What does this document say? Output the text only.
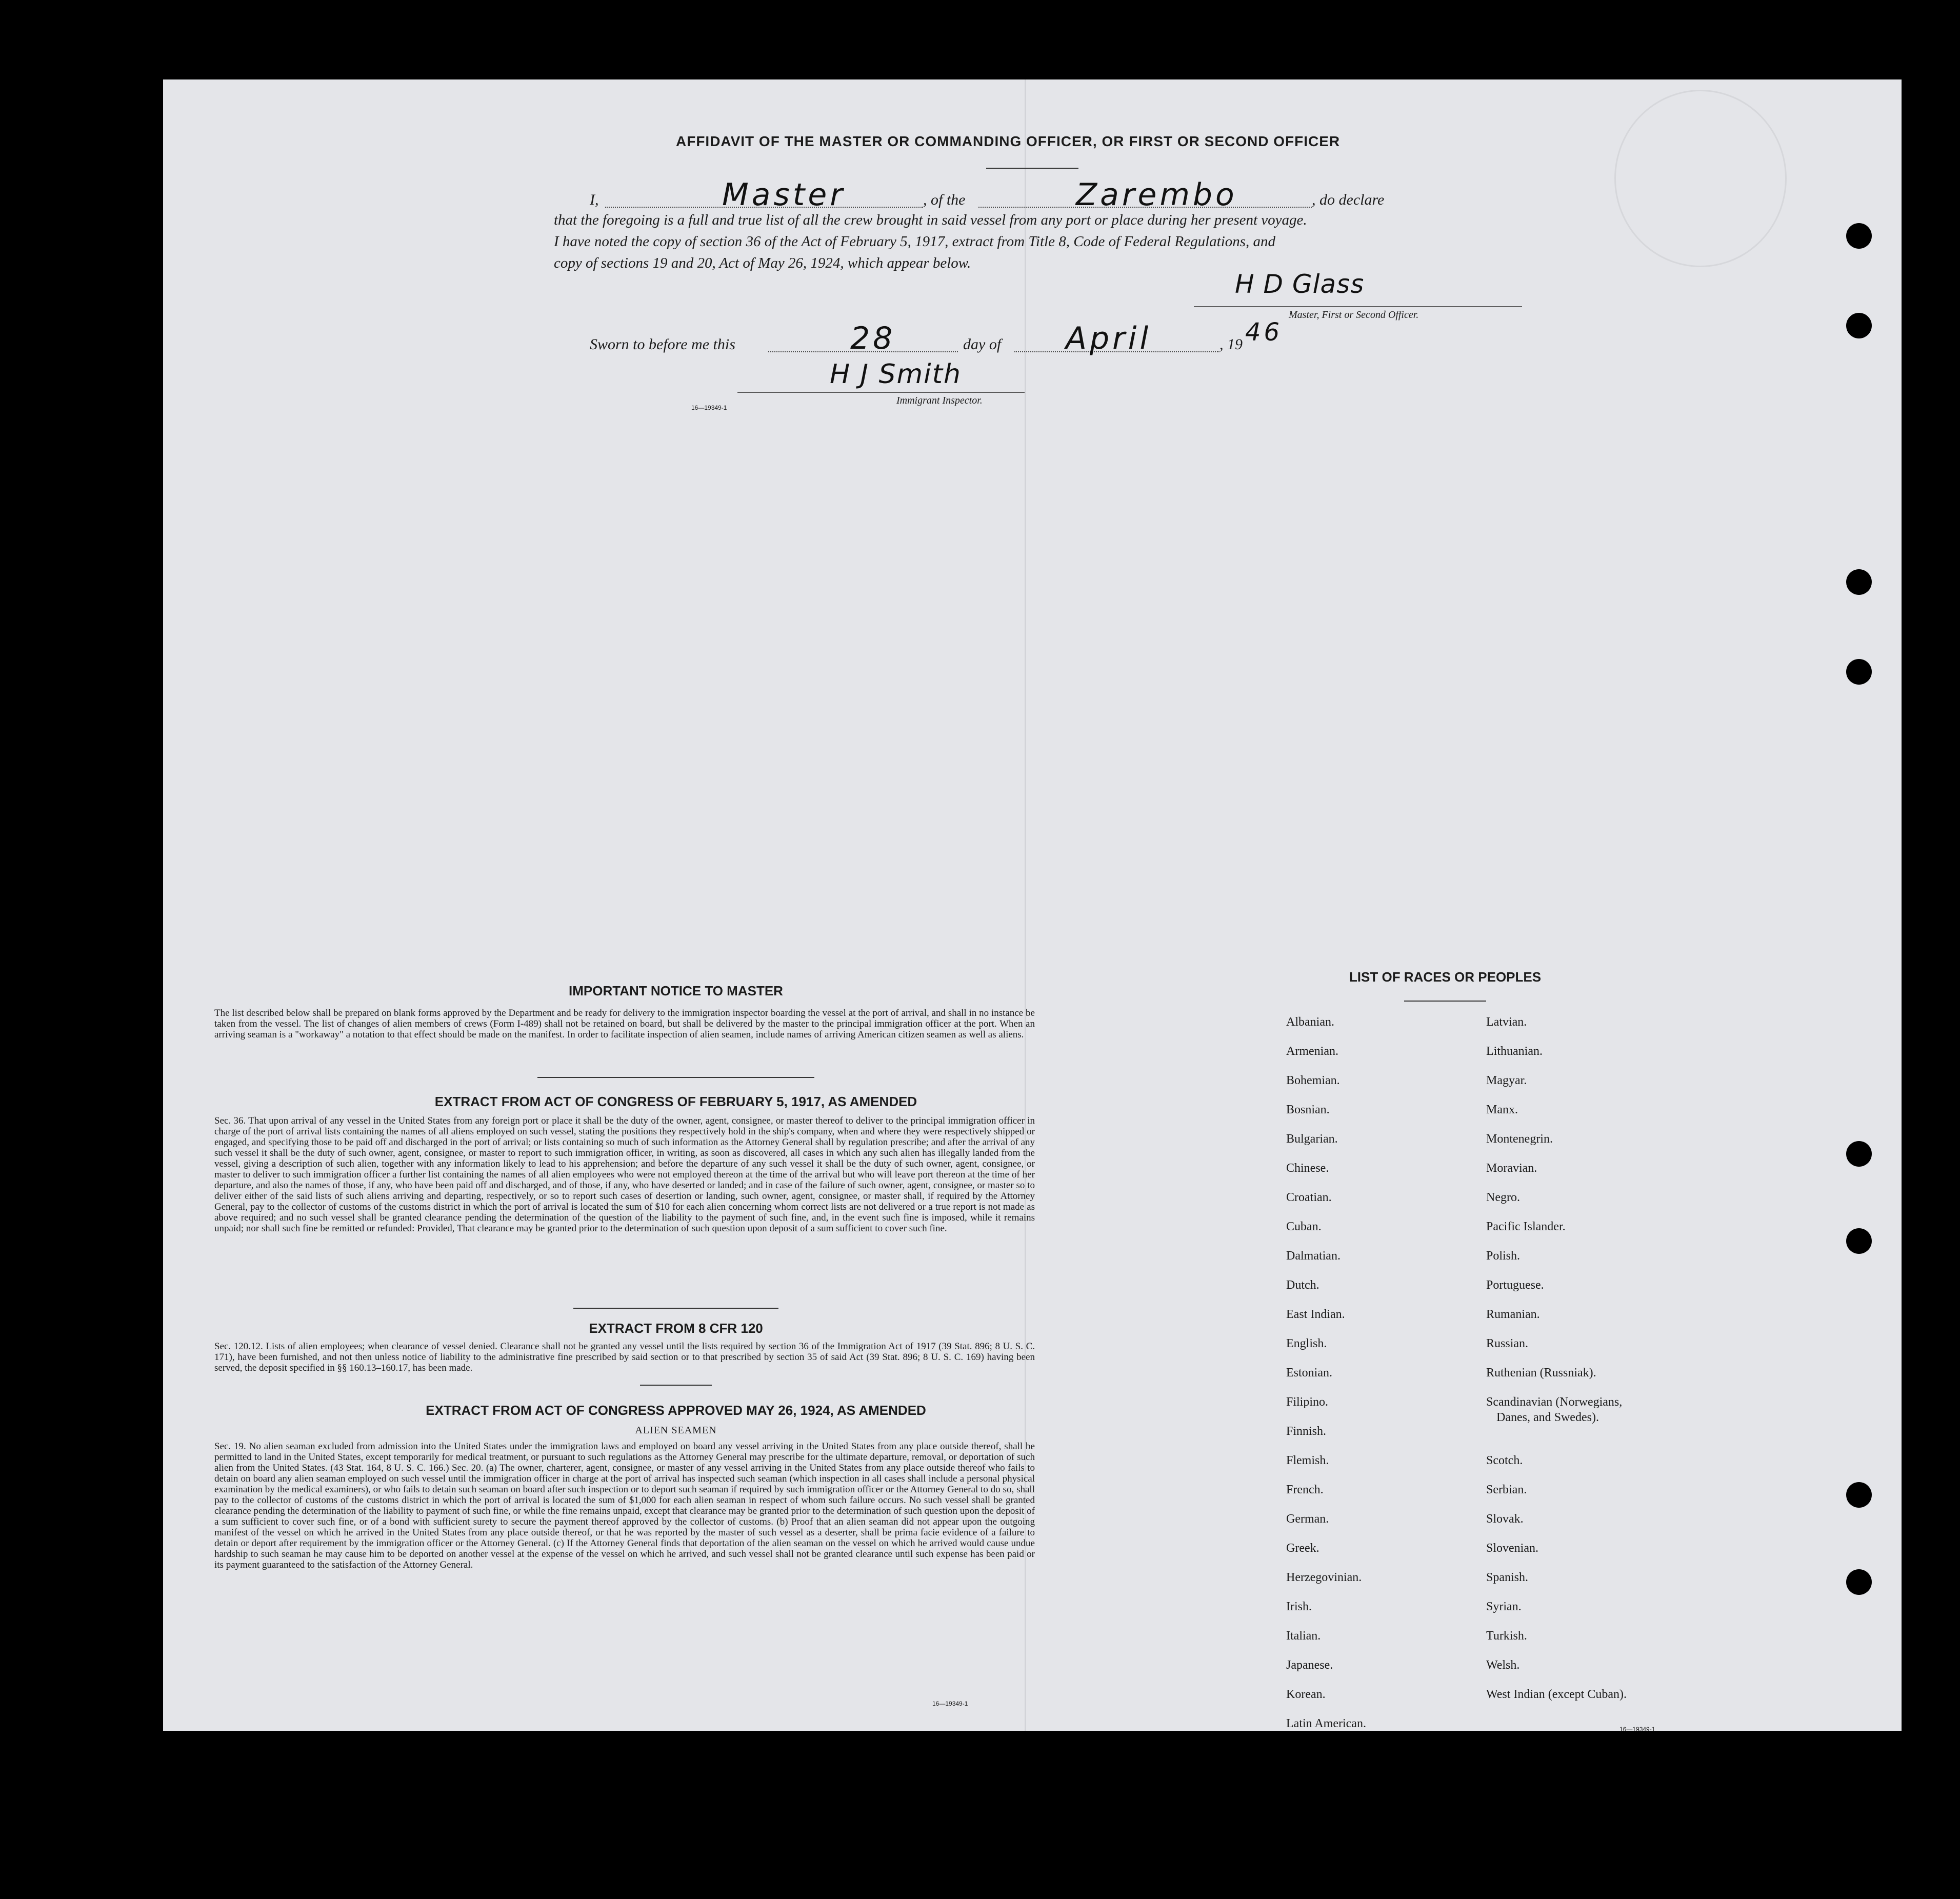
AFFIDAVIT OF THE MASTER OR COMMANDING OFFICER, OR FIRST OR SECOND OFFICER
I,	Master	, of the	Zarembo	, do declare
that the foregoing is a full and true list of all the crew brought in said vessel from any port or place during her present voyage.
I have noted the copy of section 36 of the Act of February 5, 1917, extract from Title 8, Code of Federal Regulations, and
copy of sections 19 and 20, Act of May 26, 1924, which appear below.
H D Glass
Master, First or Second Officer.
Sworn to before me this	28	day of April	, 19 46
H J Smith
Immigrant Inspector.
16—19349-1
IMPORTANT NOTICE TO MASTER
The list described below shall be prepared on blank forms approved by the Department and be ready for delivery to the immigration inspector boarding the vessel at the port of arrival, and shall in no instance be taken from the vessel. The list of changes of alien members of crews (Form I-489) shall not be retained on board, but shall be delivered by the master to the principal immigration officer at the port. When an arriving seaman is a "workaway" a notation to that effect should be made on the manifest. In order to facilitate inspection of alien seamen, include names of arriving American citizen seamen as well as aliens.
EXTRACT FROM ACT OF CONGRESS OF FEBRUARY 5, 1917, AS AMENDED
Sec. 36. That upon arrival of any vessel in the United States from any foreign port or place it shall be the duty of the owner, agent, consignee, or master thereof to deliver to the principal immigration officer in charge of the port of arrival lists containing the names of all aliens employed on such vessel, stating the positions they respectively hold in the ship's company, when and where they were respectively shipped or engaged, and specifying those to be paid off and discharged in the port of arrival; or lists containing so much of such information as the Attorney General shall by regulation prescribe; and after the arrival of any such vessel it shall be the duty of such owner, agent, consignee, or master to report to such immigration officer, in writing, as soon as discovered, all cases in which any such alien has illegally landed from the vessel, giving a description of such alien, together with any information likely to lead to his apprehension; and before the departure of any such vessel it shall be the duty of such owner, agent, consignee, or master to deliver to such immigration officer a further list containing the names of all alien employees who were not employed thereon at the time of the arrival but who will leave port thereon at the time of her departure, and also the names of those, if any, who have been paid off and discharged, and of those, if any, who have deserted or landed; and in case of the failure of such owner, agent, consignee, or master so to deliver either of the said lists of such aliens arriving and departing, respectively, or so to report such cases of desertion or landing, such owner, agent, consignee, or master shall, if required by the Attorney General, pay to the collector of customs of the customs district in which the port of arrival is located the sum of $10 for each alien concerning whom correct lists are not delivered or a true report is not made as above required; and no such vessel shall be granted clearance pending the determination of the question of the liability to the payment of such fine, and, in the event such fine is imposed, while it remains unpaid; nor shall such fine be remitted or refunded: Provided, That clearance may be granted prior to the determination of such question upon deposit of a sum sufficient to cover such fine.
EXTRACT FROM 8 CFR 120
Sec. 120.12. Lists of alien employees; when clearance of vessel denied. Clearance shall not be granted any vessel until the lists required by section 36 of the Immigration Act of 1917 (39 Stat. 896; 8 U. S. C. 171), have been furnished, and not then unless notice of liability to the administrative fine prescribed by said section or to that prescribed by section 35 of said Act (39 Stat. 896; 8 U. S. C. 169) having been served, the deposit specified in §§ 160.13–160.17, has been made.
EXTRACT FROM ACT OF CONGRESS APPROVED MAY 26, 1924, AS AMENDED
ALIEN SEAMEN
Sec. 19. No alien seaman excluded from admission into the United States under the immigration laws and employed on board any vessel arriving in the United States from any place outside thereof, shall be permitted to land in the United States, except temporarily for medical treatment, or pursuant to such regulations as the Attorney General may prescribe for the ultimate departure, removal, or deportation of such alien from the United States. (43 Stat. 164, 8 U. S. C. 166.) Sec. 20. (a) The owner, charterer, agent, consignee, or master of any vessel arriving in the United States from any place outside thereof who fails to detain on board any alien seaman employed on such vessel until the immigration officer in charge at the port of arrival has inspected such seaman (which inspection in all cases shall include a personal physical examination by the medical examiners), or who fails to detain such seaman on board after such inspection or to deport such seaman if required by such immigration officer or the Attorney General to do so, shall pay to the collector of customs of the customs district in which the port of arrival is located the sum of $1,000 for each alien seaman in respect of whom such failure occurs. No such vessel shall be granted clearance pending the determination of the liability to payment of such fine, or while the fine remains unpaid, except that clearance may be granted prior to the determination of such question upon the deposit of a sum sufficient to cover such fine, or of a bond with sufficient surety to secure the payment thereof approved by the collector of customs. (b) Proof that an alien seaman did not appear upon the outgoing manifest of the vessel on which he arrived in the United States from any place outside thereof, or that he was reported by the master of such vessel as a deserter, shall be prima facie evidence of a failure to detain or deport after requirement by the immigration officer or the Attorney General. (c) If the Attorney General finds that deportation of the alien seaman on the vessel on which he arrived would cause undue hardship to such seaman he may cause him to be deported on another vessel at the expense of the vessel on which he arrived, and such vessel shall not be granted clearance until such expense has been paid or its payment guaranteed to the satisfaction of the Attorney General.
16—19349-1
LIST OF RACES OR PEOPLES
Albanian.
Armenian.
Bohemian.
Bosnian.
Bulgarian.
Chinese.
Croatian.
Cuban.
Dalmatian.
Dutch.
East Indian.
English.
Estonian.
Filipino.
Finnish.
Flemish.
French.
German.
Greek.
Herzegovinian.
Irish.
Italian.
Japanese.
Korean.
Latin American.
Latvian.
Lithuanian.
Magyar.
Manx.
Montenegrin.
Moravian.
Negro.
Pacific Islander.
Polish.
Portuguese.
Rumanian.
Russian.
Ruthenian (Russniak).
Scandinavian (Norwegians,
Danes, and Swedes).
Scotch.
Serbian.
Slovak.
Slovenian.
Spanish.
Syrian.
Turkish.
Welsh.
West Indian (except Cuban).
16—19349-1
